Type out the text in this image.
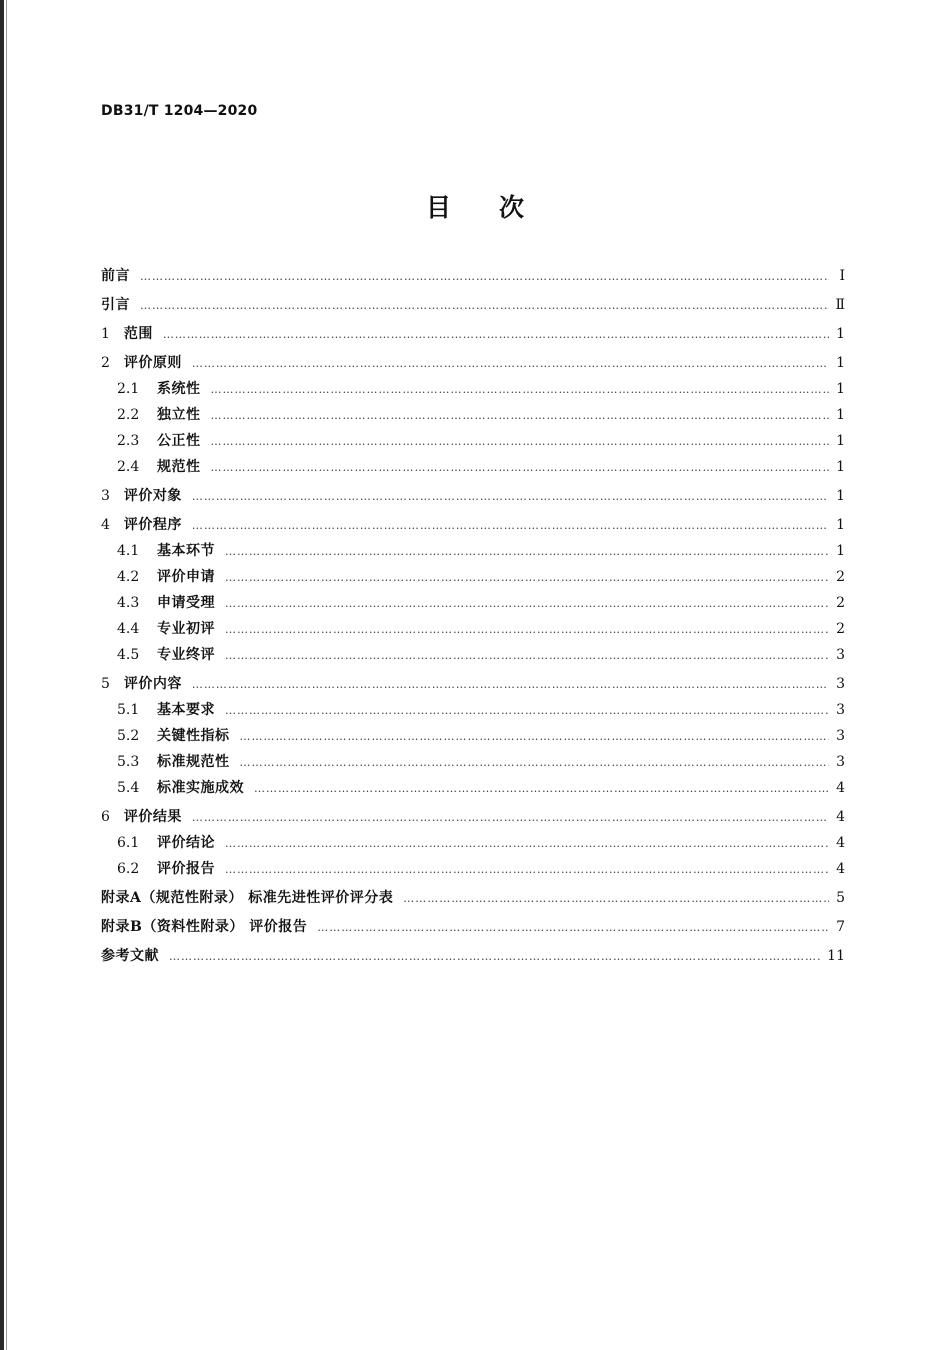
DB31/T 1204—2020
目次
前言 ……………………………………………………………………………………………………………………………………………………………………………………………………………………	Ⅰ
引言 ……………………………………………………………………………………………………………………………………………………………………………………………………………………	Ⅱ
1 范围 ……………………………………………………………………………………………………………………………………………………………………………………………………………………	1
2 评价原则 ……………………………………………………………………………………………………………………………………………………………………………………………………………………	1
2.1 系统性 ……………………………………………………………………………………………………………………………………………………………………………………………………………………	1
2.2 独立性 ……………………………………………………………………………………………………………………………………………………………………………………………………………………	1
2.3 公正性 ……………………………………………………………………………………………………………………………………………………………………………………………………………………	1
2.4 规范性 ……………………………………………………………………………………………………………………………………………………………………………………………………………………	1
3 评价对象 ……………………………………………………………………………………………………………………………………………………………………………………………………………………	1
4 评价程序 ……………………………………………………………………………………………………………………………………………………………………………………………………………………	1
4.1 基本环节 ……………………………………………………………………………………………………………………………………………………………………………………………………………………	1
4.2 评价申请 ……………………………………………………………………………………………………………………………………………………………………………………………………………………	2
4.3 申请受理 ……………………………………………………………………………………………………………………………………………………………………………………………………………………	2
4.4 专业初评 ……………………………………………………………………………………………………………………………………………………………………………………………………………………	2
4.5 专业终评 ……………………………………………………………………………………………………………………………………………………………………………………………………………………	3
5 评价内容 ……………………………………………………………………………………………………………………………………………………………………………………………………………………	3
5.1 基本要求 ……………………………………………………………………………………………………………………………………………………………………………………………………………………	3
5.2 关键性指标 ……………………………………………………………………………………………………………………………………………………………………………………………………………………	3
5.3 标准规范性 ……………………………………………………………………………………………………………………………………………………………………………………………………………………	3
5.4 标准实施成效 ……………………………………………………………………………………………………………………………………………………………………………………………………………………	4
6 评价结果 ……………………………………………………………………………………………………………………………………………………………………………………………………………………	4
6.1 评价结论 ……………………………………………………………………………………………………………………………………………………………………………………………………………………	4
6.2 评价报告 ……………………………………………………………………………………………………………………………………………………………………………………………………………………	4
附录A（规范性附录） 标准先进性评价评分表 ……………………………………………………………………………………………………………………………………………………………………………………………………………………	5
附录B（资料性附录） 评价报告 ……………………………………………………………………………………………………………………………………………………………………………………………………………………	7
参考文献 ……………………………………………………………………………………………………………………………………………………………………………………………………………………	11
